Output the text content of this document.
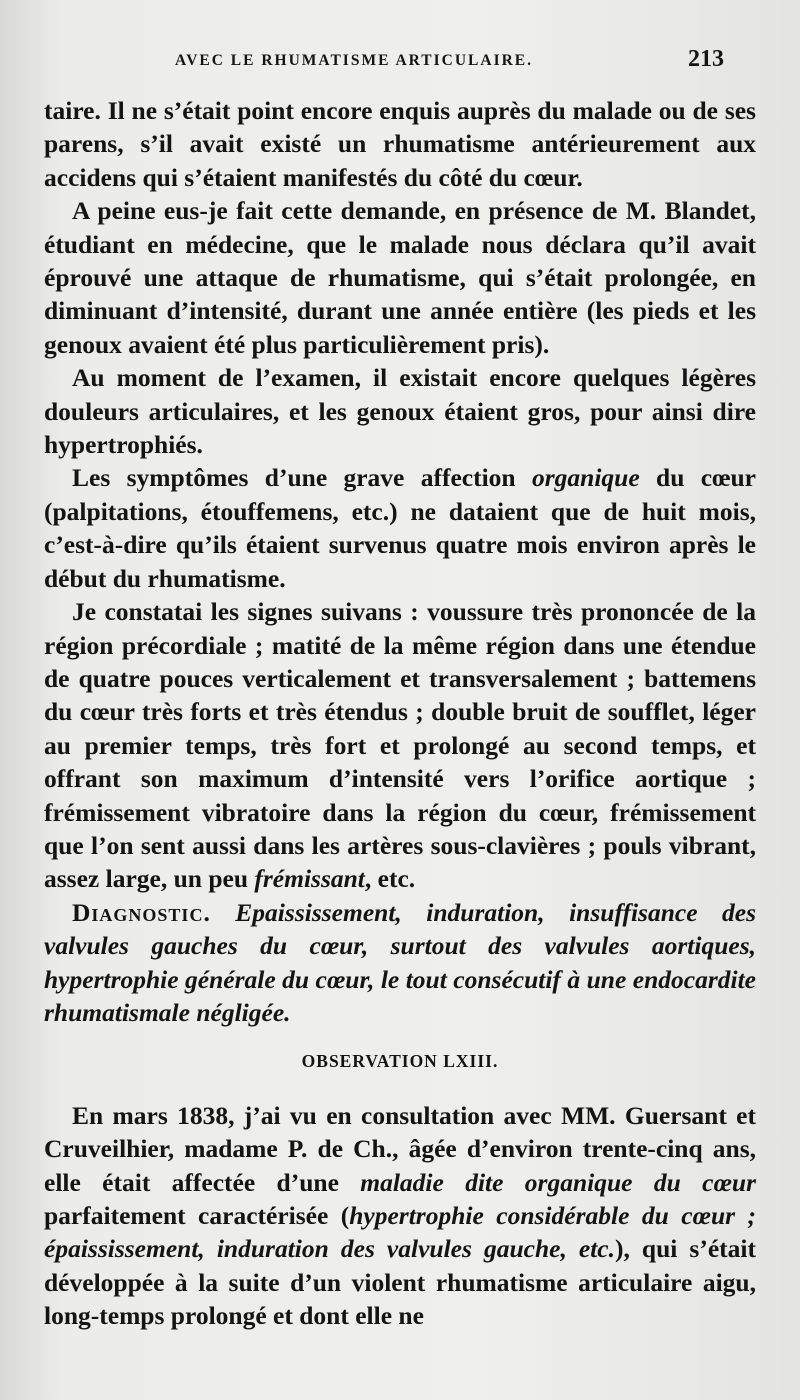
AVEC LE RHUMATISME ARTICULAIRE.	213

taire. Il ne s’était point encore enquis auprès du malade ou de ses parens, s’il avait existé un rhumatisme antérieurement aux accidens qui s’étaient manifestés du côté du cœur.

A peine eus-je fait cette demande, en présence de M. Blandet, étudiant en médecine, que le malade nous déclara qu’il avait éprouvé une attaque de rhumatisme, qui s’était prolongée, en diminuant d’intensité, durant une année entière (les pieds et les genoux avaient été plus particulièrement pris).

Au moment de l’examen, il existait encore quelques légères douleurs articulaires, et les genoux étaient gros, pour ainsi dire hypertrophiés.

Les symptômes d’une grave affection organique du cœur (palpitations, étouffemens, etc.) ne dataient que de huit mois, c’est-à-dire qu’ils étaient survenus quatre mois environ après le début du rhumatisme.

Je constatai les signes suivans : voussure très prononcée de la région précordiale ; matité de la même région dans une étendue de quatre pouces verticalement et transversalement ; battemens du cœur très forts et très étendus ; double bruit de soufflet, léger au premier temps, très fort et prolongé au second temps, et offrant son maximum d’intensité vers l’orifice aortique ; frémissement vibratoire dans la région du cœur, frémissement que l’on sent aussi dans les artères sous-clavières ; pouls vibrant, assez large, un peu frémissant, etc.

Diagnostic. Epaississement, induration, insuffisance des valvules gauches du cœur, surtout des valvules aortiques, hypertrophie générale du cœur, le tout consécutif à une endocardite rhumatismale négligée.

OBSERVATION LXIII.

En mars 1838, j’ai vu en consultation avec MM. Guersant et Cruveilhier, madame P. de Ch., âgée d’environ trente-cinq ans, elle était affectée d’une maladie dite organique du cœur parfaitement caractérisée (hypertrophie considérable du cœur ; épaississement, induration des valvules gauche, etc.), qui s’était développée à la suite d’un violent rhumatisme articulaire aigu, long-temps prolongé et dont elle ne
